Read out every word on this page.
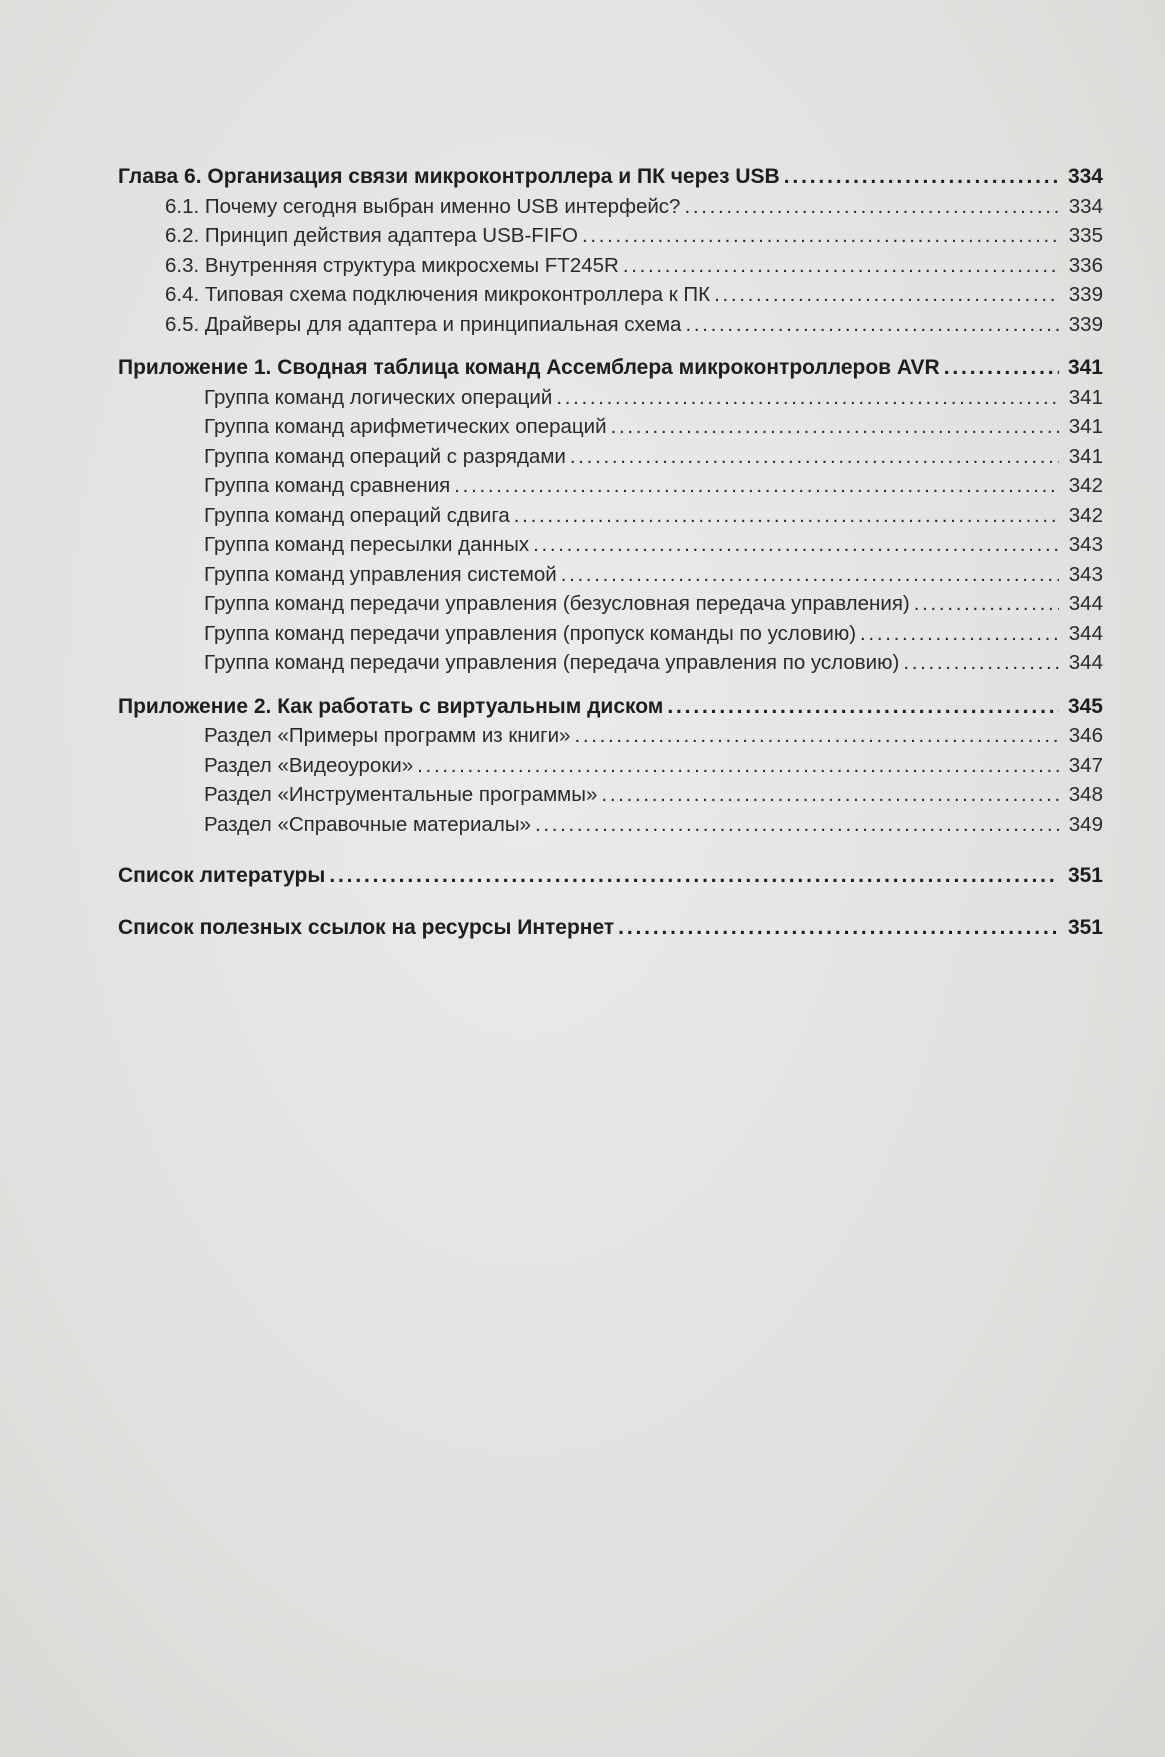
Глава 6. Организация связи микроконтроллера и ПК через USB . . .	334
6.1. Почему сегодня выбран именно USB интерфейс? . . .	334
6.2. Принцип действия адаптера USB-FIFO . . .	335
6.3. Внутренняя структура микросхемы FT245R . . .	336
6.4. Типовая схема подключения микроконтроллера к ПК . . .	339
6.5. Драйверы для адаптера и принципиальная схема . . .	339
Приложение 1. Сводная таблица команд Ассемблера микроконтроллеров AVR . . .	341
Группа команд логических операций . . .	341
Группа команд арифметических операций . . .	341
Группа команд операций с разрядами . . .	341
Группа команд сравнения . . .	342
Группа команд операций сдвига . . .	342
Группа команд пересылки данных . . .	343
Группа команд управления системой . . .	343
Группа команд передачи управления (безусловная передача управления) . . .	344
Группа команд передачи управления (пропуск команды по условию) . . .	344
Группа команд передачи управления (передача управления по условию) . . .	344
Приложение 2. Как работать с виртуальным диском . . .	345
Раздел «Примеры программ из книги» . . .	346
Раздел «Видеоуроки» . . .	347
Раздел «Инструментальные программы» . . .	348
Раздел «Справочные материалы» . . .	349
Список литературы . . .	351
Список полезных ссылок на ресурсы Интернет . . .	351
